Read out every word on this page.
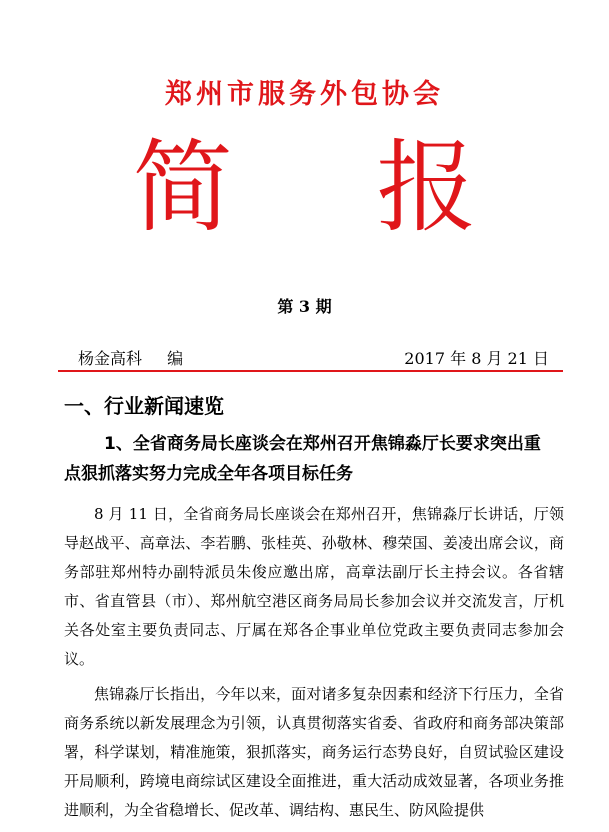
郑州市服务外包协会
简 报
第 3 期
杨金高科 编	2017 年 8 月 21 日
一、行业新闻速览
1、全省商务局长座谈会在郑州召开焦锦淼厅长要求突出重点狠抓落实努力完成全年各项目标任务
8 月 11 日，全省商务局长座谈会在郑州召开，焦锦淼厅长讲话，厅领导赵战平、高章法、李若鹏、张桂英、孙敬林、穆荣国、姜凌出席会议，商务部驻郑州特办副特派员朱俊应邀出席，高章法副厅长主持会议。各省辖市、省直管县（市）、郑州航空港区商务局局长参加会议并交流发言，厅机关各处室主要负责同志、厅属在郑各企事业单位党政主要负责同志参加会议。
焦锦淼厅长指出，今年以来，面对诸多复杂因素和经济下行压力，全省商务系统以新发展理念为引领，认真贯彻落实省委、省政府和商务部决策部署，科学谋划，精准施策，狠抓落实，商务运行态势良好，自贸试验区建设开局顺利，跨境电商综试区建设全面推进，重大活动成效显著，各项业务推进顺利，为全省稳增长、促改革、调结构、惠民生、防风险提供
